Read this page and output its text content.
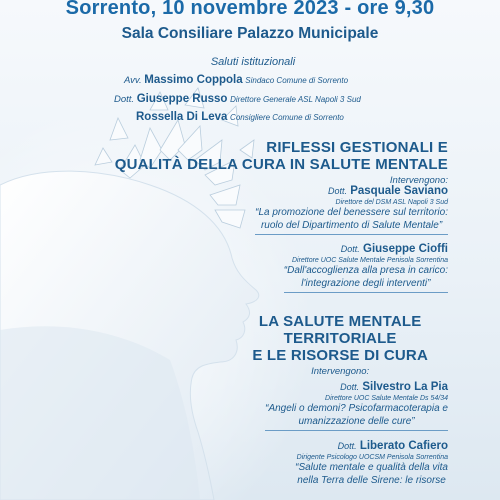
Sorrento, 10 novembre 2023 - ore 9,30
Sala Consiliare Palazzo Municipale
Saluti istituzionali
Avv. Massimo Coppola Sindaco Comune di Sorrento
Dott. Giuseppe Russo Direttore Generale ASL Napoli 3 Sud
Rossella Di Leva Consigliere Comune di Sorrento
RIFLESSI GESTIONALI E
QUALITÀ DELLA CURA IN SALUTE MENTALE
Intervengono:
Dott. Pasquale Saviano
Direttore del DSM ASL Napoli 3 Sud
“La promozione del benessere sul territorio:
ruolo del Dipartimento di Salute Mentale”
Dott. Giuseppe Cioffi
Direttore UOC Salute Mentale Penisola Sorrentina
“Dall'accoglienza alla presa in carico:
l'integrazione degli interventi”
LA SALUTE MENTALE
TERRITORIALE
E LE RISORSE DI CURA
Intervengono:
Dott. Silvestro La Pia
Direttore UOC Salute Mentale Ds 54/34
“Angeli o demoni? Psicofarmacoterapia e
umanizzazione delle cure”
Dott. Liberato Cafiero
Dirigente Psicologo UOCSM Penisola Sorrentina
“Salute mentale e qualità della vita
nella Terra delle Sirene: le risorse
